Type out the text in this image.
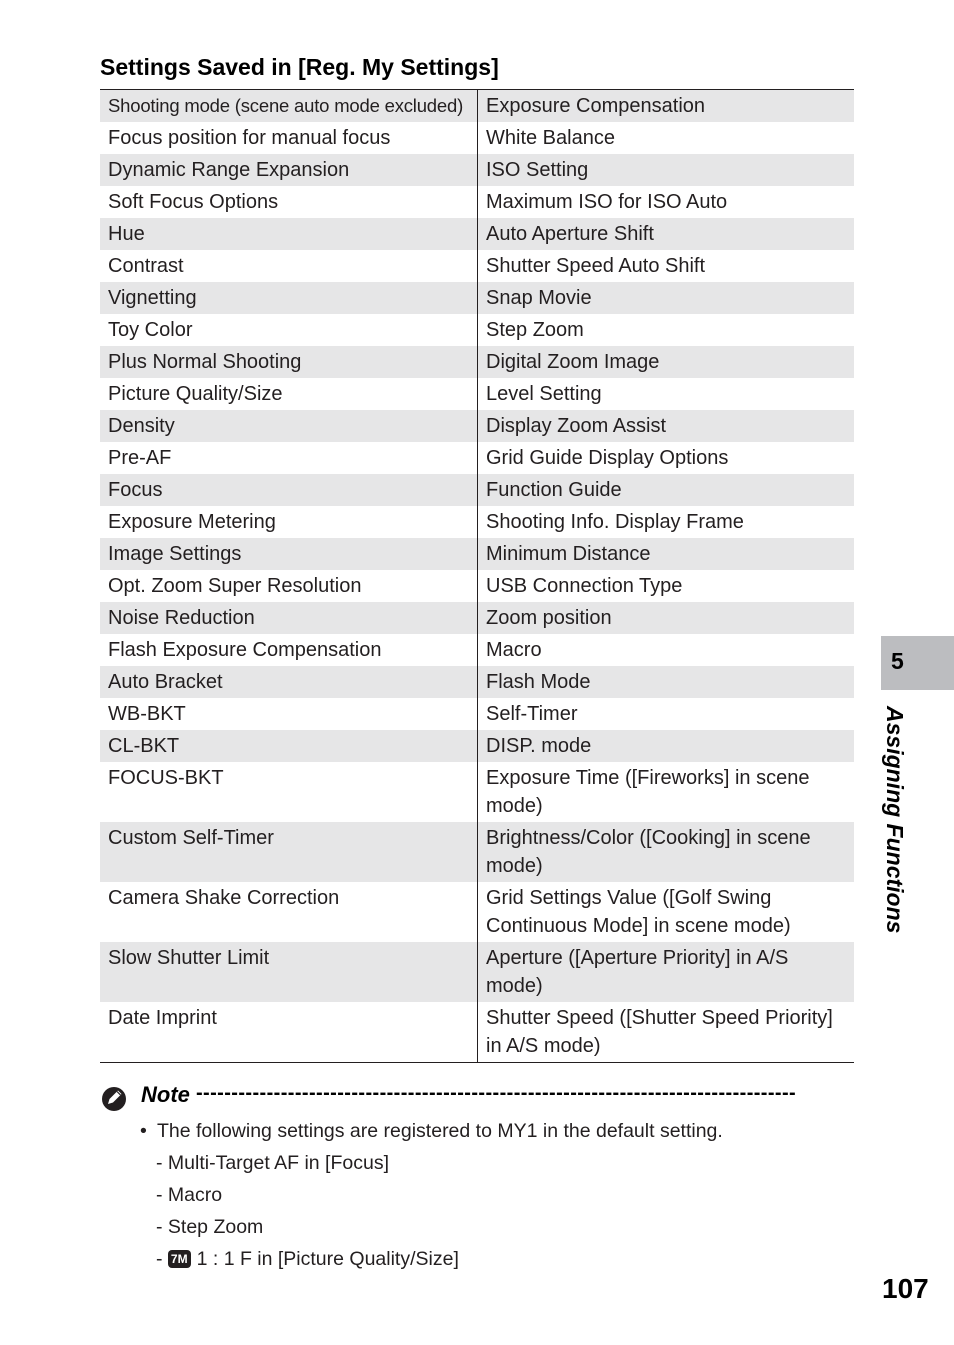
Settings Saved in [Reg. My Settings]
Shooting mode (scene auto mode excluded)	Exposure Compensation
Focus position for manual focus	White Balance
Dynamic Range Expansion	ISO Setting
Soft Focus Options	Maximum ISO for ISO Auto
Hue	Auto Aperture Shift
Contrast	Shutter Speed Auto Shift
Vignetting	Snap Movie
Toy Color	Step Zoom
Plus Normal Shooting	Digital Zoom Image
Picture Quality/Size	Level Setting
Density	Display Zoom Assist
Pre-AF	Grid Guide Display Options
Focus	Function Guide
Exposure Metering	Shooting Info. Display Frame
Image Settings	Minimum Distance
Opt. Zoom Super Resolution	USB Connection Type
Noise Reduction	Zoom position
Flash Exposure Compensation	Macro
Auto Bracket	Flash Mode
WB-BKT	Self-Timer
CL-BKT	DISP. mode
FOCUS-BKT	Exposure Time ([Fireworks] in scene mode)
Custom Self-Timer	Brightness/Color ([Cooking] in scene mode)
Camera Shake Correction	Grid Settings Value ([Golf Swing Continuous Mode] in scene mode)
Slow Shutter Limit	Aperture ([Aperture Priority] in A/S mode)
Date Imprint	Shutter Speed ([Shutter Speed Priority] in A/S mode)
Note -------------------------------------------------------------------------------------
• The following settings are registered to MY1 in the default setting.
- Multi-Target AF in [Focus]
- Macro
- Step Zoom
- 7M 1 : 1 F in [Picture Quality/Size]
5
Assigning Functions
107
